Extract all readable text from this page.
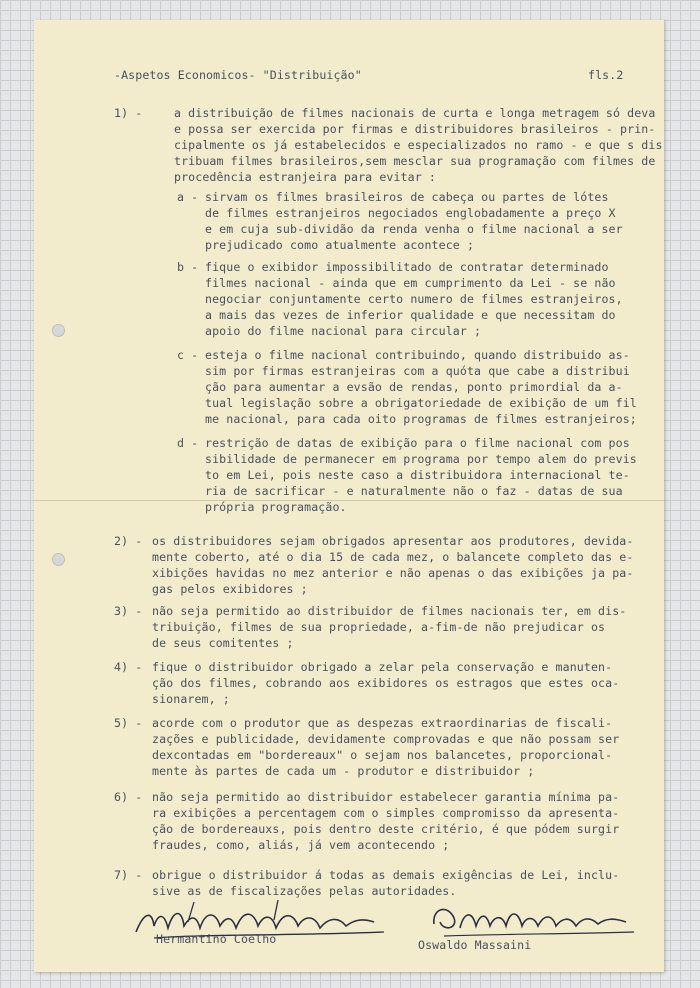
-Aspetos Economicos- "Distribuição"	fls.2
1) -	a distribuição de filmes nacionais de curta e longa metragem só deva
e possa ser exercida por firmas e distribuidores brasileiros - prin-
cipalmente os já estabelecidos e especializados no ramo - e que s dis
tribuam filmes brasileiros,sem mesclar sua programação com filmes de
procedência estranjeira para evitar :
a - sirvam os filmes brasileiros de cabeça ou partes de lótes
de filmes estranjeiros negociados englobadamente a preço X
e em cuja sub-dividão da renda venha o filme nacional a ser
prejudicado como atualmente acontece ;
b - fique o exibidor impossibilitado de contratar determinado
filmes nacional - ainda que em cumprimento da Lei - se não
negociar conjuntamente certo numero de filmes estranjeiros,
a mais das vezes de inferior qualidade e que necessitam do
apoio do filme nacional para circular ;
c - esteja o filme nacional contribuindo, quando distribuido as-
sim por firmas estranjeiras com a quóta que cabe a distribui
ção para aumentar a evsão de rendas, ponto primordial da a-
tual legislação sobre a obrigatoriedade de exibição de um fil
me nacional, para cada oito programas de filmes estranjeiros;
d - restrição de datas de exibição para o filme nacional com pos
sibilidade de permanecer em programa por tempo alem do previs
to em Lei, pois neste caso a distribuidora internacional te-
ria de sacrificar - e naturalmente não o faz - datas de sua
própria programação.
2) - os distribuidores sejam obrigados apresentar aos produtores, devida-
mente coberto, até o dia 15 de cada mez, o balancete completo das e-
xibições havidas no mez anterior e não apenas o das exibições ja pa-
gas pelos exibidores ;
3) - não seja permitido ao distribuidor de filmes nacionais ter, em dis-
tribuição, filmes de sua propriedade, a-fim-de não prejudicar os
de seus comitentes ;
4) - fique o distribuidor obrigado a zelar pela conservação e manuten-
ção dos filmes, cobrando aos exibidores os estragos que estes oca-
sionarem, ;
5) - acorde com o produtor que as despezas extraordinarias de fiscali-
zações e publicidade, devidamente comprovadas e que não possam ser
dexcontadas em "bordereaux" o sejam nos balancetes, proporcional-
mente às partes de cada um - produtor e distribuidor ;
6) - não seja permitido ao distribuidor estabelecer garantia mínima pa-
ra exibições a percentagem com o simples compromisso da apresenta-
ção de bordereauxs, pois dentro deste critério, é que pódem surgir
fraudes, como, aliás, já vem acontecendo ;
7) - obrigue o distribuidor á todas as demais exigências de Lei, inclu-
sive as de fiscalizações pelas autoridades.
Hermantino Coelho	Oswaldo Massaini
